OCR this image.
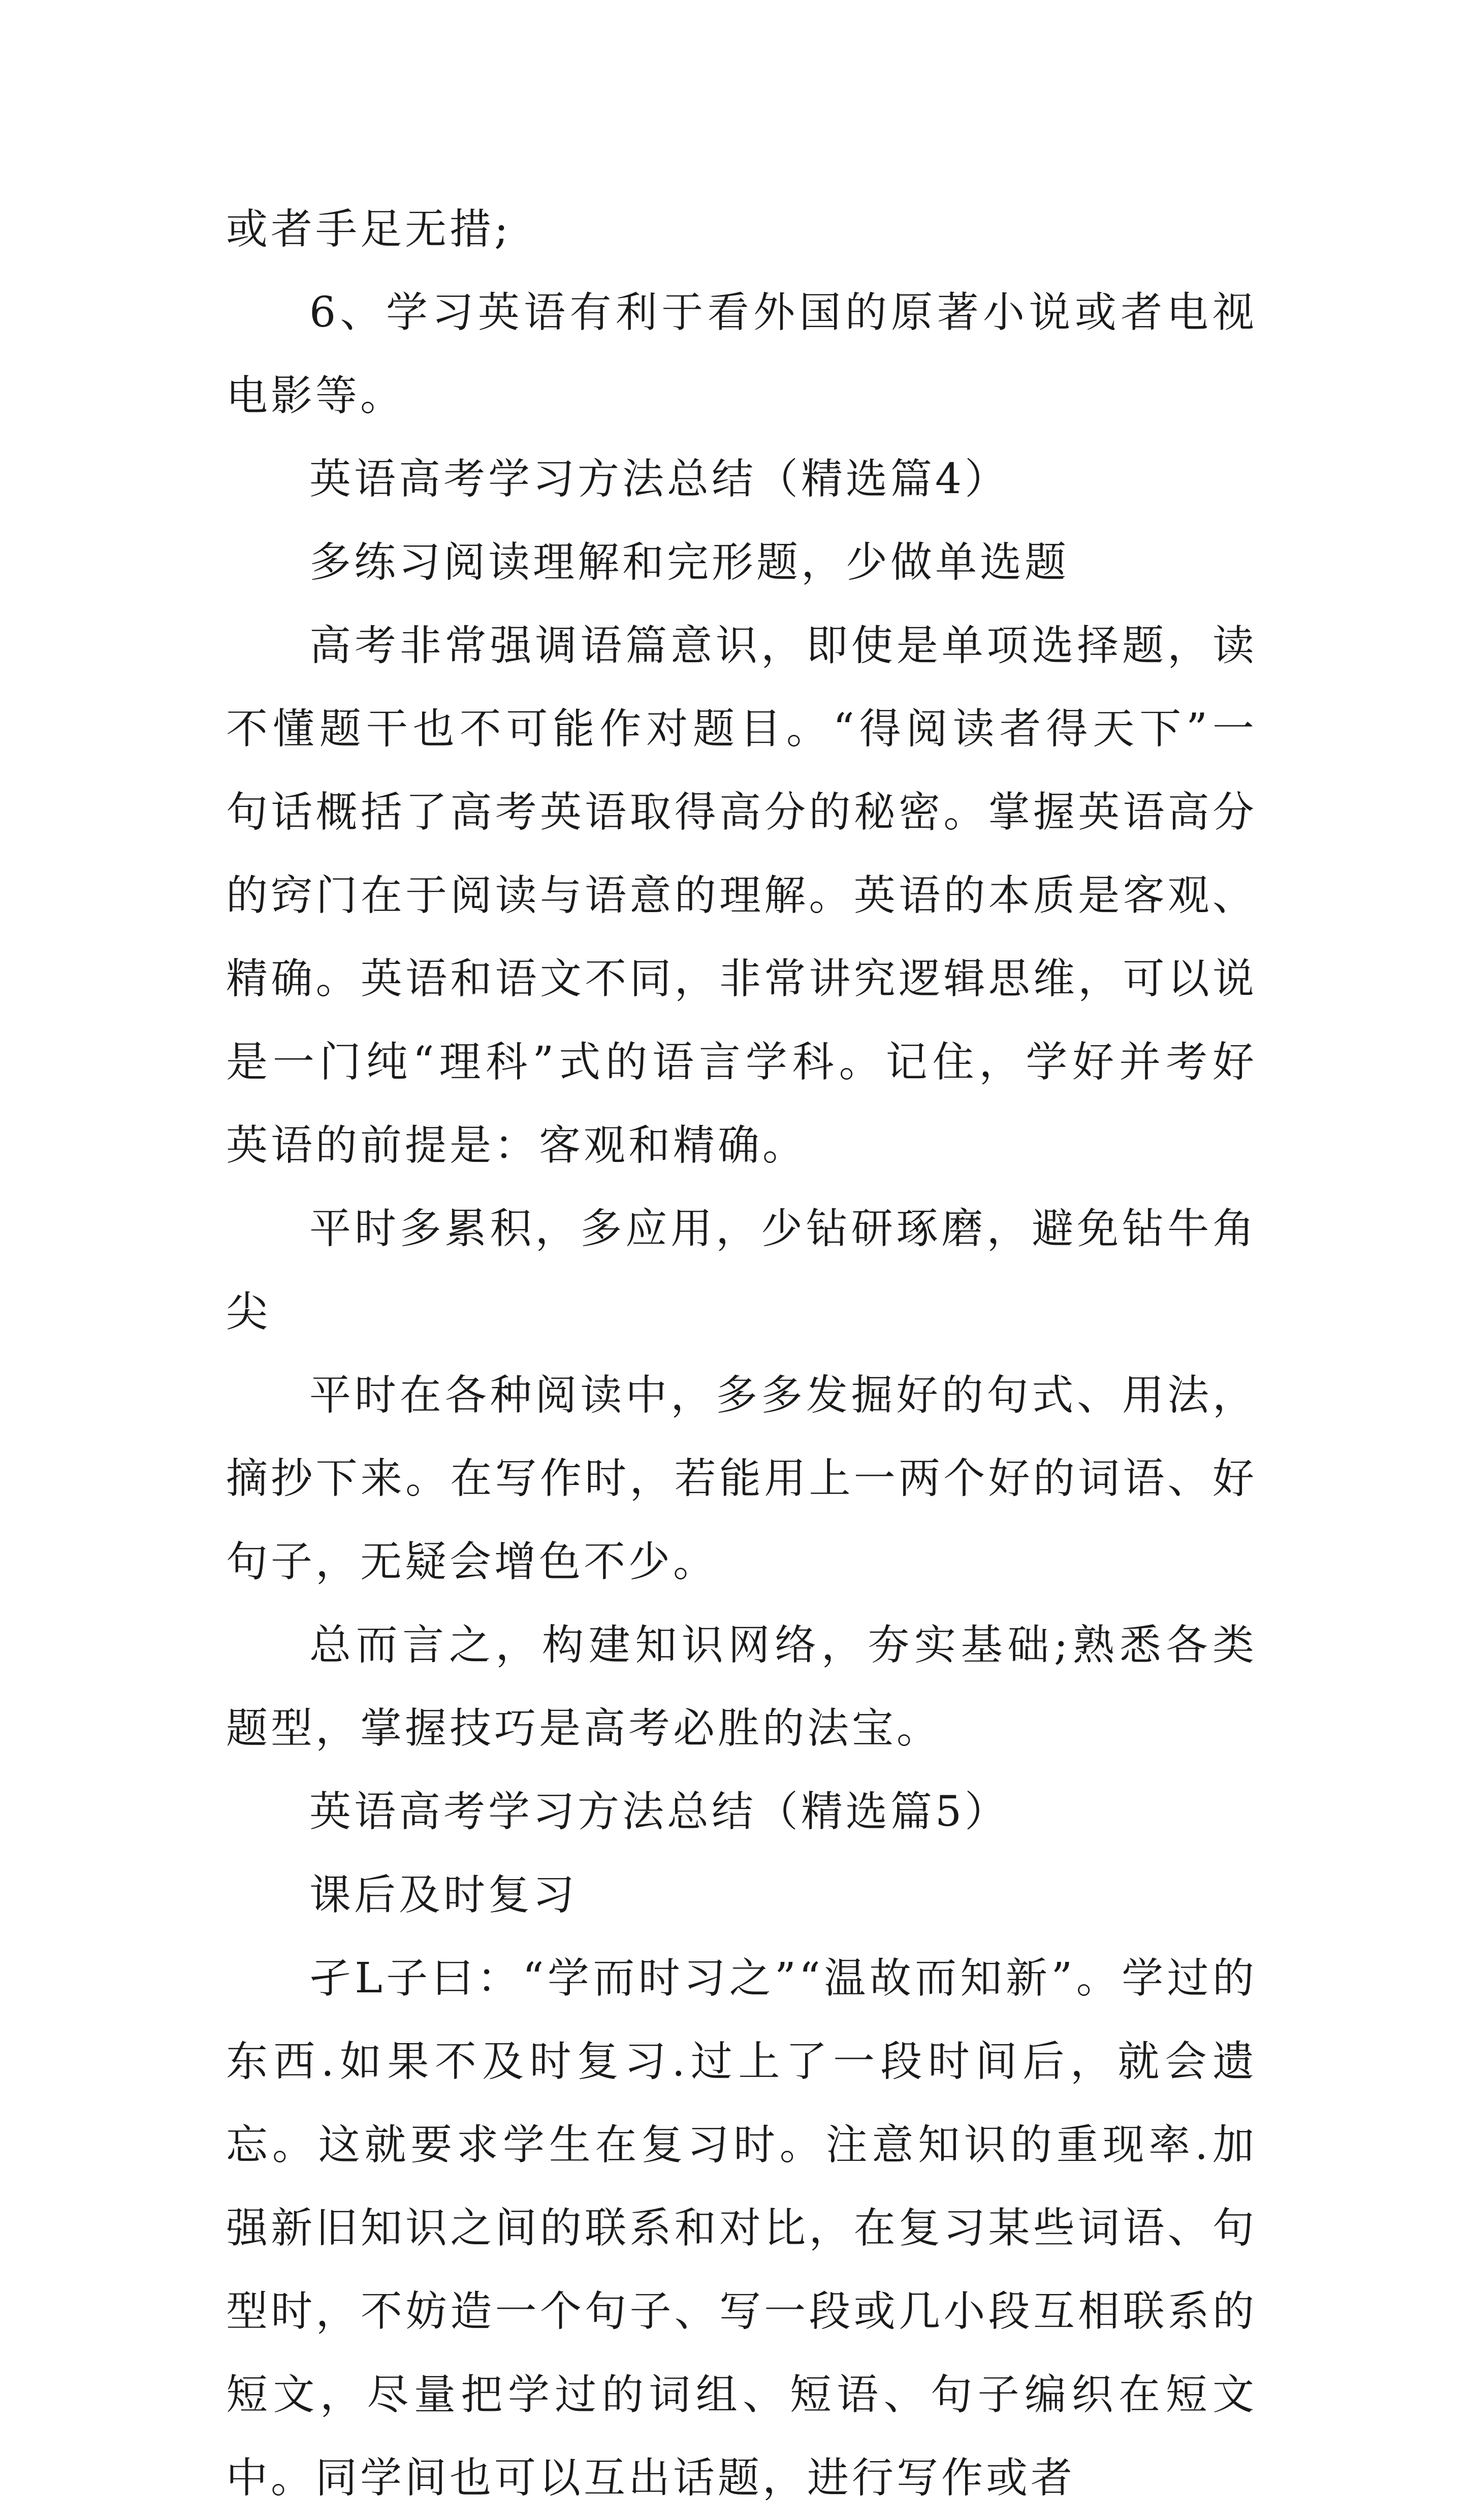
或者手足无措;

6、学习英语有利于看外国的原著小说或者电视电影等。

英语高考学习方法总结（精选篇4）

多练习阅读理解和完形题，少做单选题

高考非常强调语篇意识，即使是单项选择题，读不懂题干也不可能作对题目。“得阅读者得天下”一句话概括了高考英语取得高分的秘密。掌握英语高分的窍门在于阅读与语意的理解。英语的本质是客观、精确。英语和语文不同，非常讲究逻辑思维，可以说是一门纯“理科”式的语言学科。记住，学好并考好英语的前提是：客观和精确。

平时多累积，多应用，少钻研琢磨，避免钻牛角尖

平时在各种阅读中，多多发掘好的句式、用法，摘抄下来。在写作时，若能用上一两个好的词语、好句子，无疑会增色不少。

总而言之，构建知识网络，夯实基础;熟悉各类题型，掌握技巧是高考必胜的法宝。

英语高考学习方法总结（精选篇5）

课后及时复习

孑L子曰：“学而时习之”“温故而知新”。学过的东西.如果不及时复习.过上了一段时间后，就会遗忘。这就要求学生在复习时。注意知识的重现率.加强新旧知识之间的联系和对比，在复习某些词语、句型时，不妨造一个句子、写一段或几小段互相联系的短文，尽量把学过的词组、短语、句子编织在短文中。同学间也可以互出话题，进行写作或者
